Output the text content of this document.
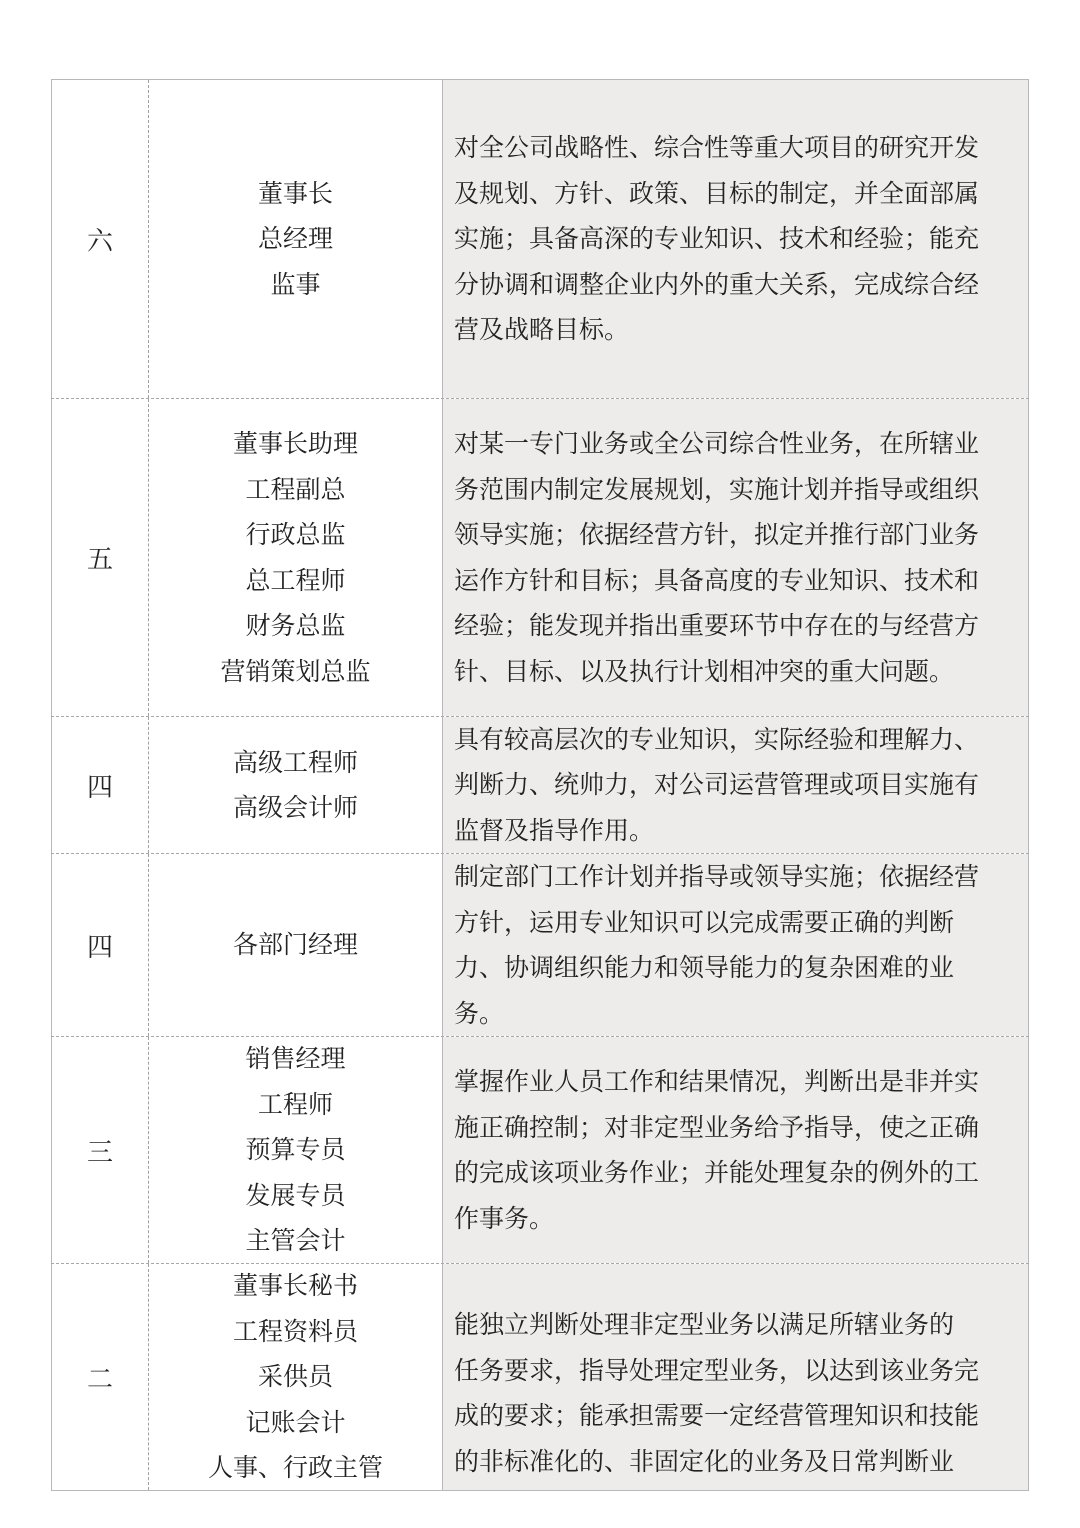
六
董事长
总经理
监事
对全公司战略性、综合性等重大项目的研究开发
及规划、方针、政策、目标的制定，并全面部属
实施；具备高深的专业知识、技术和经验；能充
分协调和调整企业内外的重大关系，完成综合经
营及战略目标。
五
董事长助理
工程副总
行政总监
总工程师
财务总监
营销策划总监
对某一专门业务或全公司综合性业务，在所辖业
务范围内制定发展规划，实施计划并指导或组织
领导实施；依据经营方针，拟定并推行部门业务
运作方针和目标；具备高度的专业知识、技术和
经验；能发现并指出重要环节中存在的与经营方
针、目标、以及执行计划相冲突的重大问题。
四
高级工程师
高级会计师
具有较高层次的专业知识，实际经验和理解力、
判断力、统帅力，对公司运营管理或项目实施有
监督及指导作用。
四	各部门经理
制定部门工作计划并指导或领导实施；依据经营
方针，运用专业知识可以完成需要正确的判断
力、协调组织能力和领导能力的复杂困难的业
务。
三
销售经理
工程师
预算专员
发展专员
主管会计
掌握作业人员工作和结果情况，判断出是非并实
施正确控制；对非定型业务给予指导，使之正确
的完成该项业务作业；并能处理复杂的例外的工
作事务。
二
董事长秘书
工程资料员
采供员
记账会计
人事、行政主管
能独立判断处理非定型业务以满足所辖业务的
任务要求，指导处理定型业务，以达到该业务完
成的要求；能承担需要一定经营管理知识和技能
的非标准化的、非固定化的业务及日常判断业
